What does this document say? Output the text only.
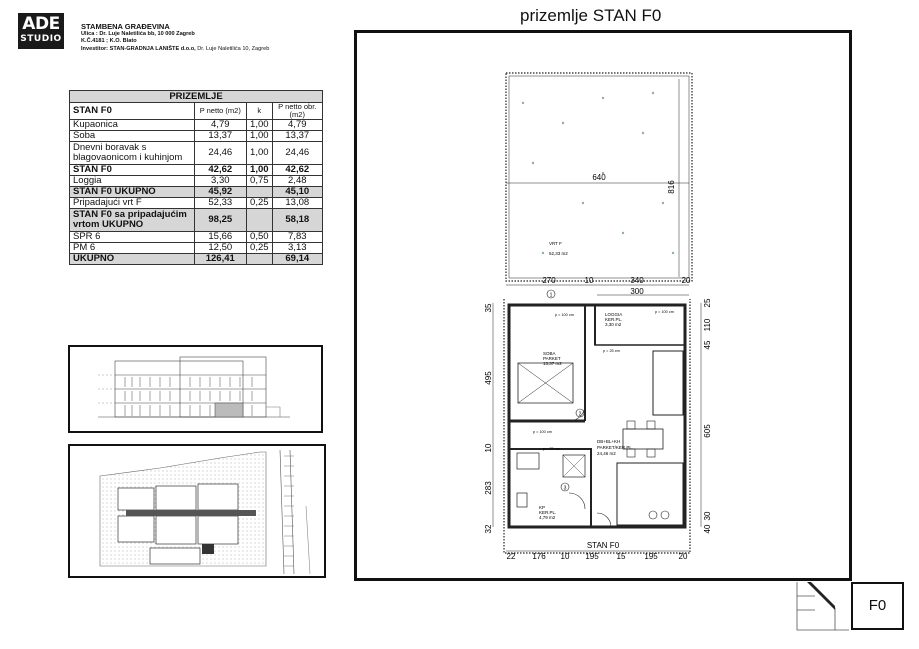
ADE
STUDIO
STAMBENA GRAĐEVINA
Ulica : Dr. Luje Naletilića bb, 10 000 Zagreb
K.Č.4181 ; K.O. Blato
Investitor: STAN-GRADNJA LANIŠTE d.o.o, Dr. Luje Naletilića 10, Zagreb
PRIZEMLJE			
STAN F0	P netto (m2)	k	P netto obr. (m2)
Kupaonica	4,79	1,00	4,79
Soba	13,37	1,00	13,37
Dnevni boravak s blagovaonicom i kuhinjom	24,46	1,00	24,46
STAN F0	42,62	1,00	42,62
Loggia	3,30	0,75	2,48
STAN F0 UKUPNO	45,92		45,10
Pripadajući vrt F	52,33	0,25	13,08
STAN F0 sa pripadajućim vrtom UKUPNO	98,25		58,18
SPR 6	15,66	0,50	7,83
PM 6	12,50	0,25	3,13
UKUPNO	126,41		69,14
prizemlje STAN F0
640
816
VRT F
52,33 m2
270	10	340	20
300
SOBA
PARKET
13,37 m2
LOGGIA
KER.PL.
3,30 m2
DB+BL+KH
PARKET/KER.PL.
24,46 m2
KP
KER.PL.
4,79 m2
p = 100 cm
p = 100 cm
p = 25 cm
p = 100 cm
p = 25 cm
1
2
3
STAN F0
22 176 10 195 15 195	20
35
495
10
283
32
25
110
45
605
30
40
F0
